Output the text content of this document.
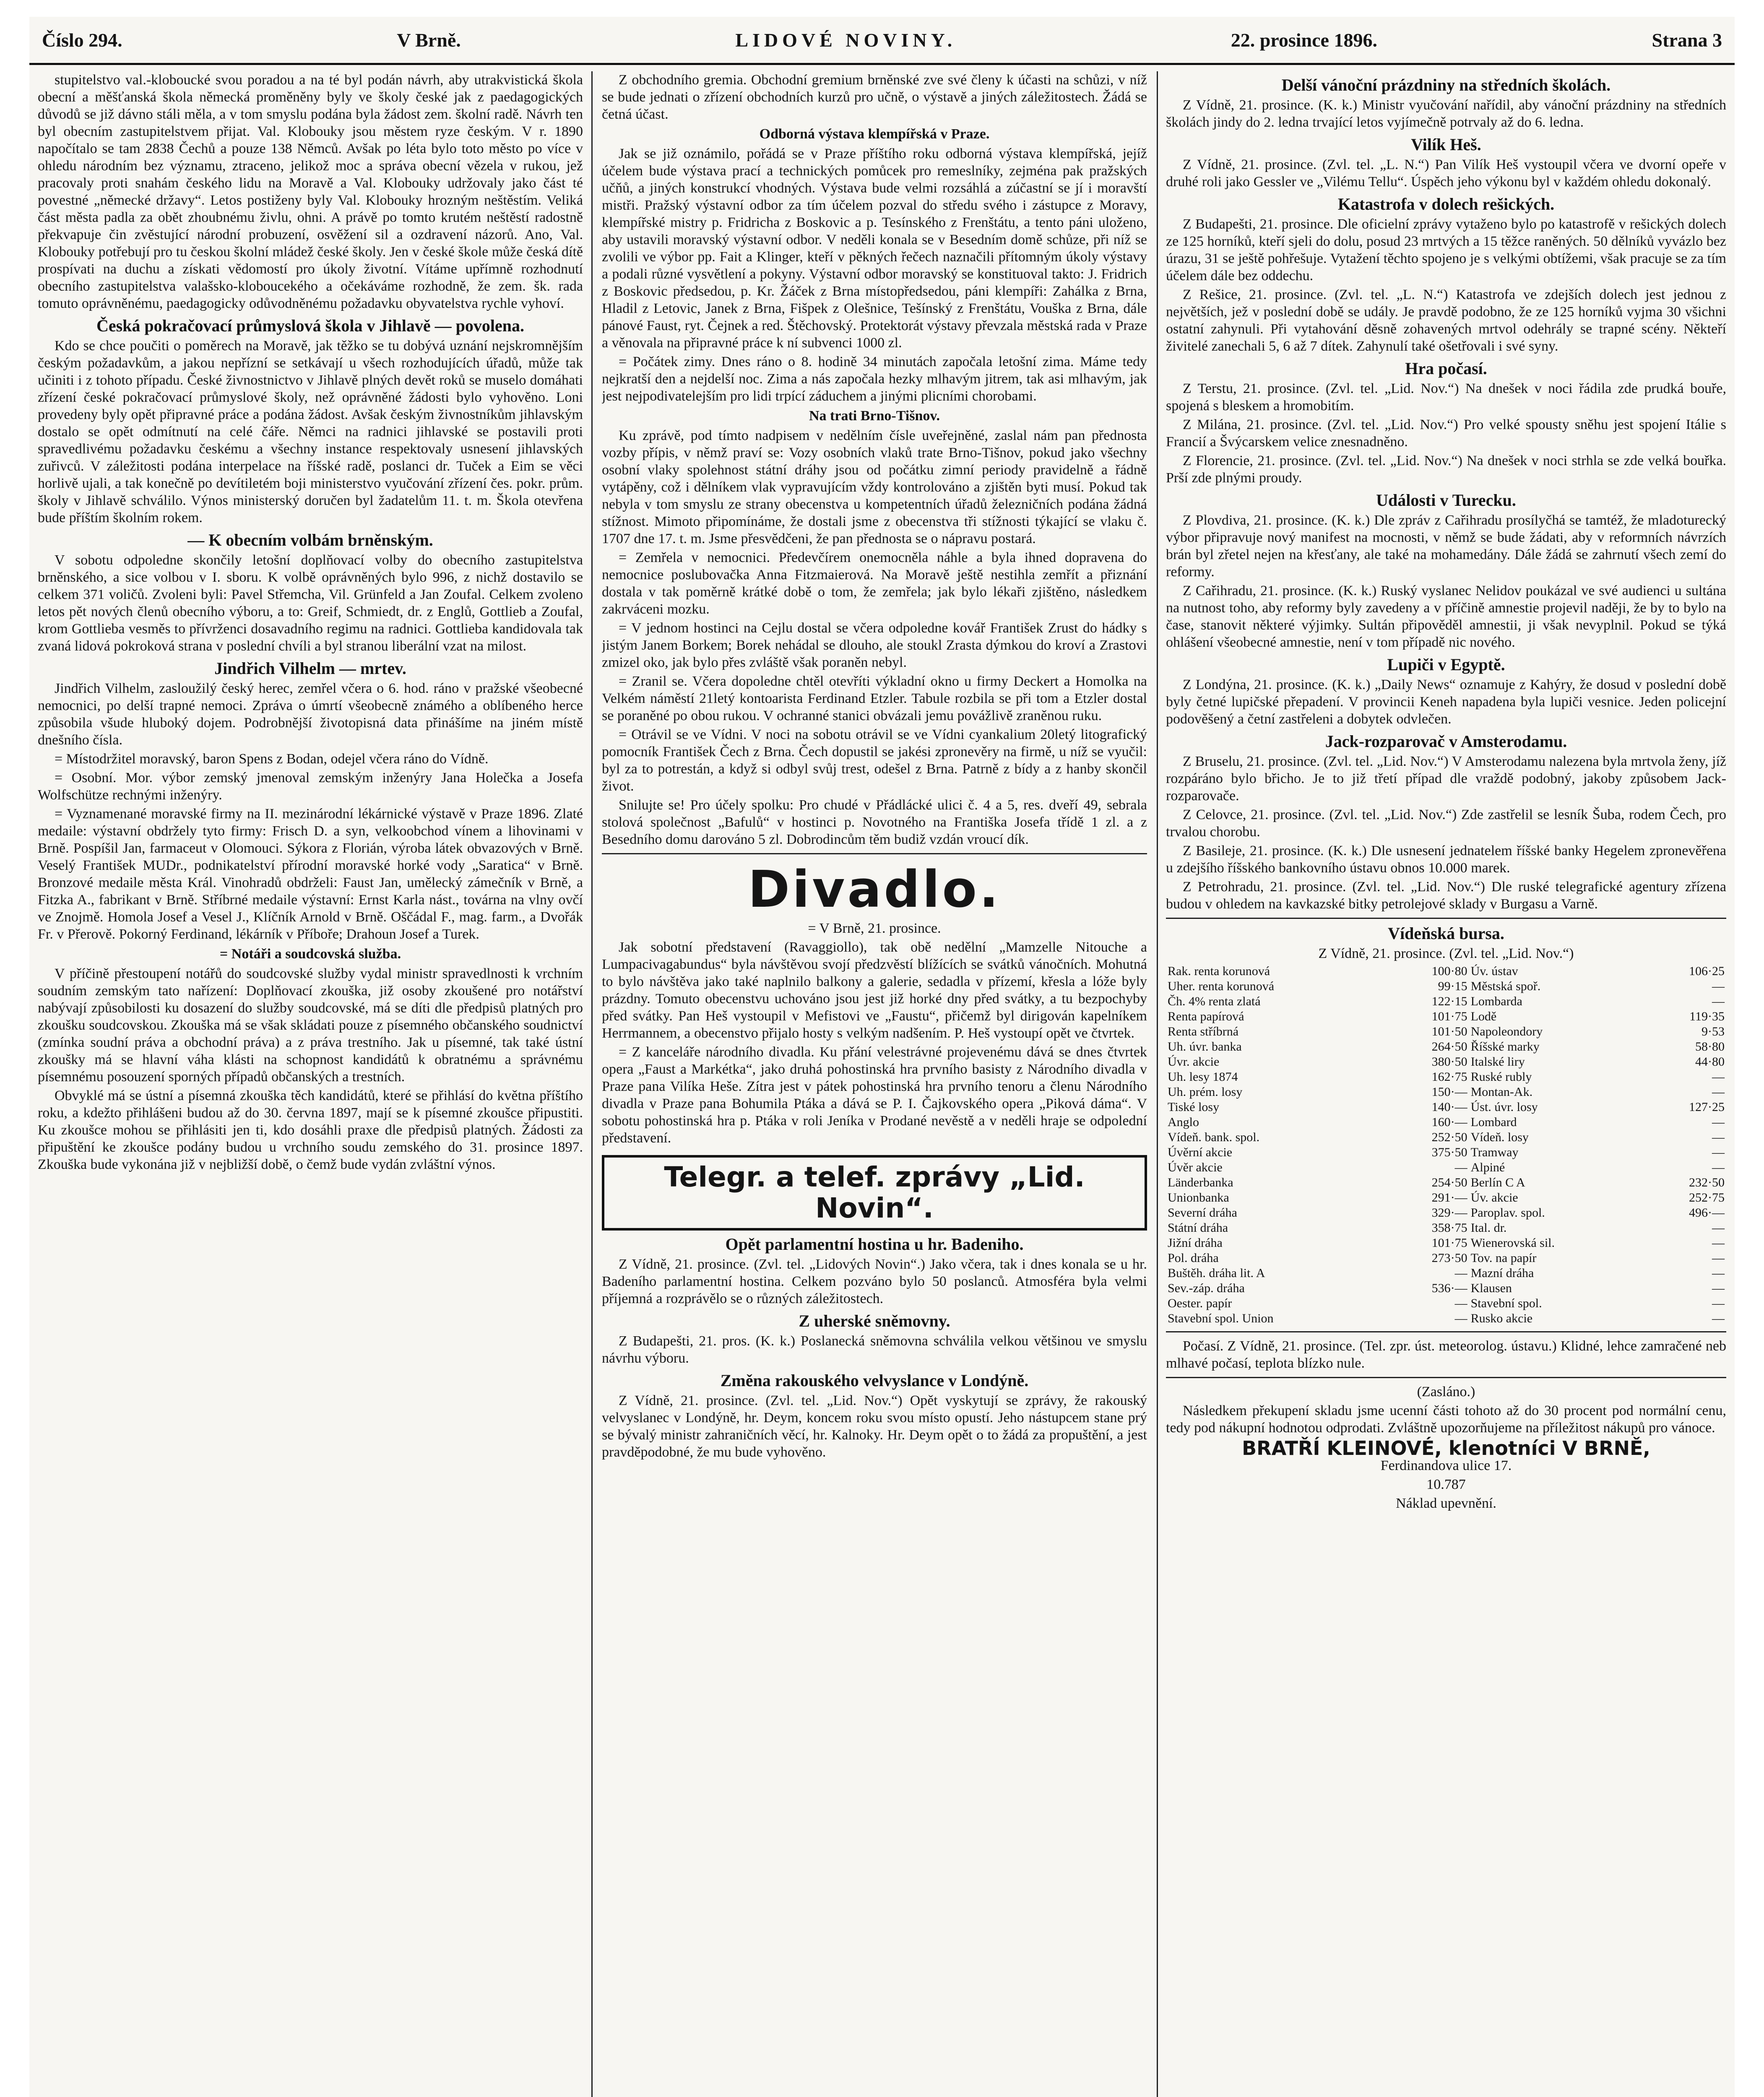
Číslo 294.	V Brně.	LIDOVÉ NOVINY.	22. prosince 1896.	Strana 3

stupitelstvo val.-kloboucké svou poradou a na té byl podán návrh, aby utrakvistická škola obecní a měšťanská škola německá proměněny byly ve školy české jak z paedagogických důvodů se již dávno stáli měla, a v tom smyslu podána byla žádost zem. školní radě. Návrh ten byl obecním zastupitelstvem přijat. Val. Klobouky jsou městem ryze českým. V r. 1890 napočítalo se tam 2838 Čechů a pouze 138 Němců. Avšak po léta bylo toto město po více v ohledu národním bez významu, ztraceno, jelikož moc a správa obecní vězela v rukou, jež pracovaly proti snahám českého lidu na Moravě a Val. Klobouky udržovaly jako část té povestné „německé državy“. Letos postiženy byly Val. Klobouky hrozným neštěstím. Veliká část města padla za obět zhoubnému živlu, ohni. A právě po tomto krutém neštěstí radostně překvapuje čin zvěstující národní probuzení, osvěžení sil a ozdravení názorů. Ano, Val. Klobouky potřebují pro tu českou školní mládež české školy. Jen v české škole může česká dítě prospívati na duchu a získati vědomostí pro úkoly životní. Vítáme upřímně rozhodnutí obecního zastupitelstva valašsko-kloboucekého a očekáváme rozhodně, že zem. šk. rada tomuto oprávněnému, paedagogicky odůvodněnému požadavku obyvatelstva rychle vyhoví.

Česká pokračovací průmyslová škola v Jihlavě — povolena.

Kdo se chce poučiti o poměrech na Moravě, jak těžko se tu dobývá uznání nejskromnějším českým požadavkům, a jakou nepřízní se setkávají u všech rozhodujících úřadů, může tak učiniti i z tohoto případu. České živnostnictvo v Jihlavě plných devět roků se muselo domáhati zřízení české pokračovací průmyslové školy, než oprávněné žádosti bylo vyhověno. Loni provedeny byly opět připravné práce a podána žádost. Avšak českým živnostníkům jihlavským dostalo se opět odmítnutí na celé čáře. Němci na radnici jihlavské se postavili proti spravedlivému požadavku českému a všechny instance respektovaly usnesení jihlavských zuřivců. V záležitosti podána interpelace na říšské radě, poslanci dr. Tuček a Eim se věci horlivě ujali, a tak konečně po devítiletém boji ministerstvo vyučování zřízení čes. pokr. prům. školy v Jihlavě schválilo. Výnos ministerský doručen byl žadatelům 11. t. m. Škola otevřena bude příštím školním rokem.

— K obecním volbám brněnským.

V sobotu odpoledne skončily letošní doplňovací volby do obecního zastupitelstva brněnského, a sice volbou v I. sboru. K volbě oprávněných bylo 996, z nichž dostavilo se celkem 371 voličů. Zvoleni byli: Pavel Střemcha, Vil. Grünfeld a Jan Zoufal. Celkem zvoleno letos pět nových členů obecního výboru, a to: Greif, Schmiedt, dr. z Englů, Gottlieb a Zoufal, krom Gottlieba vesměs to přívrženci dosavadního regimu na radnici. Gottlieba kandidovala tak zvaná lidová pokroková strana v poslední chvíli a byl stranou liberální vzat na milost.

Jindřich Vilhelm — mrtev.

Jindřich Vilhelm, zasloužilý český herec, zemřel včera o 6. hod. ráno v pražské všeobecné nemocnici, po delší trapné nemoci. Zpráva o úmrtí všeobecně známého a oblíbeného herce způsobila všude hluboký dojem. Podrobnější životopisná data přinášíme na jiném místě dnešního čísla.

= Místodržitel moravský, baron Spens z Bodan, odejel včera ráno do Vídně.

= Osobní. Mor. výbor zemský jmenoval zemským inženýry Jana Holečka a Josefa Wolfschütze rechnými inženýry.

= Vyznamenané moravské firmy na II. mezinárodní lékárnické výstavě v Praze 1896. Zlaté medaile: výstavní obdržely tyto firmy: Frisch D. a syn, velkoobchod vínem a lihovinami v Brně. Pospíšil Jan, farmaceut v Olomouci. Sýkora z Florián, výroba látek obvazových v Brně. Veselý František MUDr., podnikatelství přírodní moravské horké vody „Saratica“ v Brně. Bronzové medaile města Král. Vinohradů obdrželi: Faust Jan, umělecký zámečník v Brně, a Fitzka A., fabrikant v Brně. Stříbrné medaile výstavní: Ernst Karla nást., továrna na vlny ovčí ve Znojmě. Homola Josef a Vesel J., Klíčník Arnold v Brně. Oščádal F., mag. farm., a Dvořák Fr. v Přerově. Pokorný Ferdinand, lékárník v Příboře; Drahoun Josef a Turek.

= Notáři a soudcovská služba.

V příčině přestoupení notářů do soudcovské služby vydal ministr spravedlnosti k vrchním soudním zemským tato nařízení: Doplňovací zkouška, již osoby zkoušené pro notářství nabývají způsobilosti ku dosazení do služby soudcovské, má se díti dle předpisů platných pro zkoušku soudcovskou. Zkouška má se však skládati pouze z písemného občanského soudnictví (zmínka soudní práva a obchodní práva) a z práva trestního. Jak u písemné, tak také ústní zkoušky má se hlavní váha klásti na schopnost kandidátů k obratnému a správnému písemnému posouzení sporných případů občanských a trestních.

Obvyklé má se ústní a písemná zkouška těch kandidátů, které se přihlásí do května příštího roku, a kdežto přihlášeni budou až do 30. června 1897, mají se k písemné zkoušce připustiti. Ku zkoušce mohou se přihlásiti jen ti, kdo dosáhli praxe dle předpisů platných. Žádosti za připuštění ke zkoušce podány budou u vrchního soudu zemského do 31. prosince 1897. Zkouška bude vykonána již v nejbližší době, o čemž bude vydán zvláštní výnos.

Z obchodního gremia. Obchodní gremium brněnské zve své členy k účasti na schůzi, v níž se bude jednati o zřízení obchodních kurzů pro učně, o výstavě a jiných záležitostech. Žádá se četná účast.

Odborná výstava klempířská v Praze.

Jak se již oznámilo, pořádá se v Praze příštího roku odborná výstava klempířská, jejíž účelem bude výstava prací a technických pomůcek pro remeslníky, zejména pak pražských učňů, a jiných konstrukcí vhodných. Výstava bude velmi rozsáhlá a zúčastní se jí i moravští mistři. Pražský výstavní odbor za tím účelem pozval do středu svého i zástupce z Moravy, klempířské mistry p. Fridricha z Boskovic a p. Tesínského z Frenštátu, a tento páni uloženo, aby ustavili moravský výstavní odbor. V neděli konala se v Besedním domě schůze, při níž se zvolili ve výbor pp. Fait a Klinger, kteří v pěkných řečech naznačili přítomným úkoly výstavy a podali různé vysvětlení a pokyny. Výstavní odbor moravský se konstituoval takto: J. Fridrich z Boskovic předsedou, p. Kr. Žáček z Brna místopředsedou, páni klempíři: Zahálka z Brna, Hladil z Letovic, Janek z Brna, Fišpek z Olešnice, Tešínský z Frenštátu, Vouška z Brna, dále pánové Faust, ryt. Čejnek a red. Štěchovský. Protektorát výstavy převzala městská rada v Praze a věnovala na připravné práce k ní subvenci 1000 zl.

= Počátek zimy. Dnes ráno o 8. hodině 34 minutách započala letošní zima. Máme tedy nejkratší den a nejdelší noc. Zima a nás započala hezky mlhavým jitrem, tak asi mlhavým, jak jest nejpodivatelejším pro lidi trpící záduchem a jinými plicními chorobami.

Na trati Brno-Tišnov.

Ku zprávě, pod tímto nadpisem v nedělním čísle uveřejněné, zaslal nám pan přednosta vozby přípis, v němž praví se: Vozy osobních vlaků trate Brno-Tišnov, pokud jako všechny osobní vlaky spolehnost státní dráhy jsou od počátku zimní periody pravidelně a řádně vytápěny, což i dělníkem vlak vypravujícím vždy kontrolováno a zjištěn byti musí. Pokud tak nebyla v tom smyslu ze strany obecenstva u kompetentních úřadů železničních podána žádná stížnost. Mimoto připomínáme, že dostali jsme z obecenstva tři stížnosti týkající se vlaku č. 1707 dne 17. t. m. Jsme přesvědčeni, že pan přednosta se o nápravu postará.

= Zemřela v nemocnici. Předevčírem onemocněla náhle a byla ihned dopravena do nemocnice poslubovačka Anna Fitzmaierová. Na Moravě ještě nestihla zemřít a přiznání dostala v tak poměrně krátké době o tom, že zemřela; jak bylo lékaři zjištěno, následkem zakrváceni mozku.

= V jednom hostinci na Cejlu dostal se včera odpoledne kovář František Zrust do hádky s jistým Janem Borkem; Borek nehádal se dlouho, ale stoukl Zrasta dýmkou do kroví a Zrastovi zmizel oko, jak bylo přes zvláště však poraněn nebyl.

= Zranil se. Včera dopoledne chtěl otevříti výkladní okno u firmy Deckert a Homolka na Velkém náměstí 21letý kontoarista Ferdinand Etzler. Tabule rozbila se při tom a Etzler dostal se poraněné po obou rukou. V ochranné stanici obvázali jemu povážlivě zraněnou ruku.

= Otrávil se ve Vídni. V noci na sobotu otrávil se ve Vídni cyankalium 20letý litografický pomocník František Čech z Brna. Čech dopustil se jakési zpronevěry na firmě, u níž se vyučil: byl za to potrestán, a když si odbyl svůj trest, odešel z Brna. Patrně z bídy a z hanby skončil život.

Snilujte se! Pro účely spolku: Pro chudé v Přádlácké ulici č. 4 a 5, res. dveří 49, sebrala stolová společnost „Bafulů“ v hostinci p. Novotného na Františka Josefa třídě 1 zl. a z Besedního domu darováno 5 zl. Dobrodincům těm budiž vzdán vroucí dík.

Divadlo.

= V Brně, 21. prosince.

Jak sobotní představení (Ravaggiollo), tak obě nedělní „Mamzelle Nitouche a Lumpacivagabundus“ byla návštěvou svojí předzvěstí blížících se svátků vánočních. Mohutná to bylo návštěva jako také naplnilo balkony a galerie, sedadla v přízemí, křesla a lóže byly prázdny. Tomuto obecenstvu uchováno jsou jest již horké dny před svátky, a tu bezpochyby před svátky. Pan Heš vystoupil v Mefistovi ve „Faustu“, přičemž byl dirigován kapelníkem Herrmannem, a obecenstvo přijalo hosty s velkým nadšením. P. Heš vystoupí opět ve čtvrtek.

= Z kanceláře národního divadla. Ku přání velestrávné projevenému dává se dnes čtvrtek opera „Faust a Markétka“, jako druhá pohostinská hra prvního basisty z Národního divadla v Praze pana Vilíka Heše. Zítra jest v pátek pohostinská hra prvního tenoru a členu Národního divadla v Praze pana Bohumila Ptáka a dává se P. I. Čajkovského opera „Piková dáma“. V sobotu pohostinská hra p. Ptáka v roli Jeníka v Prodané nevěstě a v neděli hraje se odpolední představení.

Telegr. a telef. zprávy „Lid. Novin“.

Opět parlamentní hostina u hr. Badeniho.

Z Vídně, 21. prosince. (Zvl. tel. „Lidových Novin“.) Jako včera, tak i dnes konala se u hr. Badeního parlamentní hostina. Celkem pozváno bylo 50 poslanců. Atmosféra byla velmi příjemná a rozprávělo se o různých záležitostech.

Z uherské sněmovny.

Z Budapešti, 21. pros. (K. k.) Poslanecká sněmovna schválila velkou většinou ve smyslu návrhu výboru.

Změna rakouského velvyslance v Londýně.

Z Vídně, 21. prosince. (Zvl. tel. „Lid. Nov.“) Opět vyskytují se zprávy, že rakouský velvyslanec v Londýně, hr. Deym, koncem roku svou místo opustí. Jeho nástupcem stane prý se bývalý ministr zahraničních věcí, hr. Kalnoky. Hr. Deym opět o to žádá za propuštění, a jest pravděpodobné, že mu bude vyhověno.

Delší vánoční prázdniny na středních školách.

Z Vídně, 21. prosince. (K. k.) Ministr vyučování nařídil, aby vánoční prázdniny na středních školách jindy do 2. ledna trvající letos vyjímečně potrvaly až do 6. ledna.

Vilík Heš.

Z Vídně, 21. prosince. (Zvl. tel. „L. N.“) Pan Vilík Heš vystoupil včera ve dvorní opeře v druhé roli jako Gessler ve „Vilému Tellu“. Úspěch jeho výkonu byl v každém ohledu dokonalý.

Katastrofa v dolech rešických.

Z Budapešti, 21. prosince. Dle oficielní zprávy vytaženo bylo po katastrofě v rešických dolech ze 125 horníků, kteří sjeli do dolu, posud 23 mrtvých a 15 těžce raněných. 50 dělníků vyvázlo bez úrazu, 31 se ještě pohřešuje. Vytažení těchto spojeno je s velkými obtížemi, však pracuje se za tím účelem dále bez oddechu.

Z Rešice, 21. prosince. (Zvl. tel. „L. N.“) Katastrofa ve zdejších dolech jest jednou z největších, jež v poslední době se udály. Je pravdě podobno, že ze 125 horníků vyjma 30 všichni ostatní zahynuli. Při vytahování děsně zohavených mrtvol odehrály se trapné scény. Někteří živitelé zanechali 5, 6 až 7 dítek. Zahynulí také ošetřovali i své syny.

Hra počasí.

Z Terstu, 21. prosince. (Zvl. tel. „Lid. Nov.“) Na dnešek v noci řádila zde prudká bouře, spojená s bleskem a hromobitím.

Z Milána, 21. prosince. (Zvl. tel. „Lid. Nov.“) Pro velké spousty sněhu jest spojení Itálie s Francií a Švýcarskem velice znesnadněno.

Z Florencie, 21. prosince. (Zvl. tel. „Lid. Nov.“) Na dnešek v noci strhla se zde velká bouřka. Prší zde plnými proudy.

Události v Turecku.

Z Plovdiva, 21. prosince. (K. k.) Dle zpráv z Cařihradu prosílyčhá se tamtéž, že mladoturecký výbor připravuje nový manifest na mocnosti, v němž se bude žádati, aby v reformních návrzích brán byl zřetel nejen na křesťany, ale také na mohamedány. Dále žádá se zahrnutí všech zemí do reformy.

Z Cařihradu, 21. prosince. (K. k.) Ruský vyslanec Nelidov poukázal ve své audienci u sultána na nutnost toho, aby reformy byly zavedeny a v příčině amnestie projevil naději, že by to bylo na čase, stanovit některé výjimky. Sultán připověděl amnestii, ji však nevyplnil. Pokud se týká ohlášení všeobecné amnestie, není v tom případě nic nového.

Lupiči v Egyptě.

Z Londýna, 21. prosince. (K. k.) „Daily News“ oznamuje z Kahýry, že dosud v poslední době byly četné lupičské přepadení. V provincii Keneh napadena byla lupiči vesnice. Jeden policejní podověšený a četní zastřeleni a dobytek odvlečen.

Jack-rozparovač v Amsterodamu.

Z Bruselu, 21. prosince. (Zvl. tel. „Lid. Nov.“) V Amsterodamu nalezena byla mrtvola ženy, jíž rozpáráno bylo břicho. Je to již třetí případ dle vraždě podobný, jakoby způsobem Jack-rozparovače.

Z Celovce, 21. prosince. (Zvl. tel. „Lid. Nov.“) Zde zastřelil se lesník Šuba, rodem Čech, pro trvalou chorobu.

Z Basileje, 21. prosince. (K. k.) Dle usnesení jednatelem říšské banky Hegelem zpronevěřena u zdejšího říšského bankovního ústavu obnos 10.000 marek.

Z Petrohradu, 21. prosince. (Zvl. tel. „Lid. Nov.“) Dle ruské telegrafické agentury zřízena budou v ohledem na kavkazské bitky petrolejové sklady v Burgasu a Varně.

Vídeňská bursa.

Z Vídně, 21. prosince. (Zvl. tel. „Lid. Nov.“)

Rak. renta korunová	100·80	Úv. ústav	106·25
Uher. renta korunová	99·15	Městská spoř.	—
Čh. 4% renta zlatá	122·15	Lombarda	—
Renta papírová	101·75	Lodě	119·35
Renta stříbrná	101·50	Napoleondory	9·53
Uh. úvr. banka	264·50	Říšské marky	58·80
Úvr. akcie	380·50	Italské liry	44·80
Uh. lesy 1874	162·75	Ruské rubly	—
Uh. prém. losy	150·—	Montan-Ak.	—
Tiské losy	140·—	Úst. úvr. losy	127·25
Anglo	160·—	Lombard	—
Vídeň. bank. spol.	252·50	Vídeň. losy	—
Úvěrní akcie	375·50	Tramway	—
Úvěr akcie	—	Alpiné	—
Länderbanka	254·50	Berlín C A	232·50
Unionbanka	291·—	Úv. akcie	252·75
Severní dráha	329·—	Paroplav. spol.	496·—
Státní dráha	358·75	Ital. dr.	—
Jižní dráha	101·75	Wienerovská sil.	—
Pol. dráha	273·50	Tov. na papír	—
Buštěh. dráha lit. A	—	Mazní dráha	—
Sev.-záp. dráha	536·—	Klausen	—
Oester. papír	—	Stavební spol.	—
Stavební spol. Union	—	Rusko akcie	—

Počasí. Z Vídně, 21. prosince. (Tel. zpr. úst. meteorolog. ústavu.) Klidné, lehce zamračené neb mlhavé počasí, teplota blízko nule.

(Zasláno.)

Následkem překupení skladu jsme ucenní části tohoto až do 30 procent pod normální cenu, tedy pod nákupní hodnotou odprodati. Zvláštně upozorňujeme na příležitost nákupů pro vánoce.

BRATŘÍ KLEINOVÉ, klenotníci V BRNĚ,

Ferdinandova ulice 17.

10.787

Náklad upevnění.
